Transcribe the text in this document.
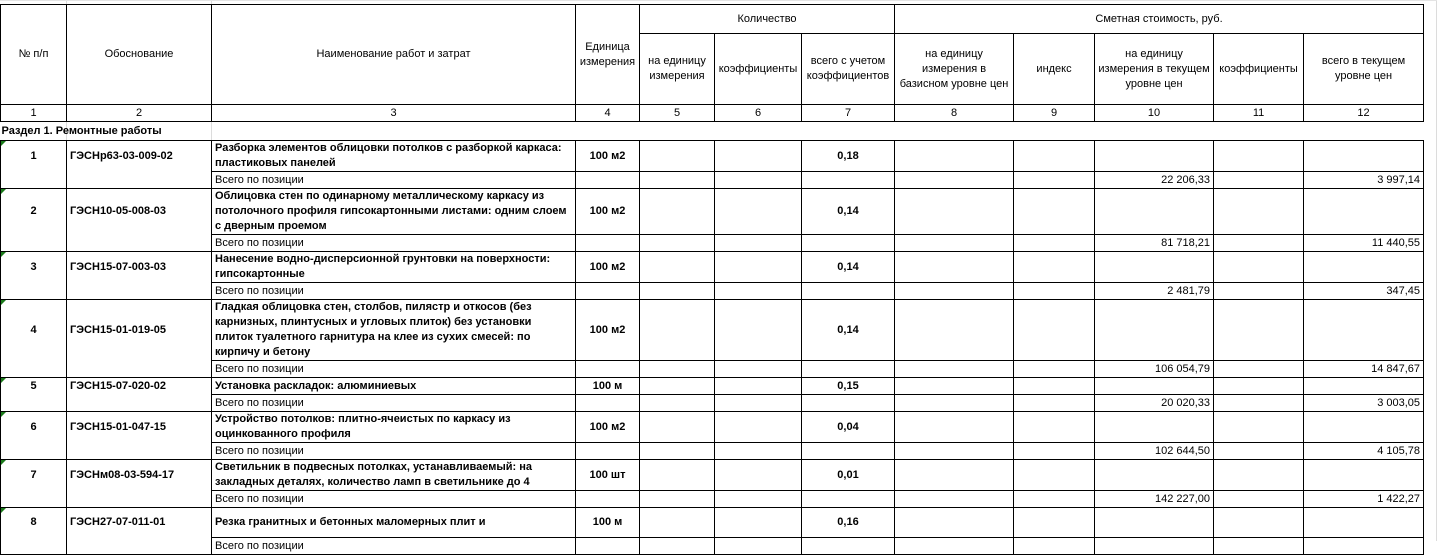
№ п/п	Обоснование	Наименование работ и затрат	Единица измерения	Количество			Сметная стоимость, руб.				
				на единицу измерения	коэффициенты	всего с учетом коэффициентов	на единицу измерения в базисном уровне цен	индекс	на единицу измерения в текущем уровне цен	коэффициенты	всего в текущем уровне цен
1	2	3	4	5	6	7	8	9	10	11	12
Раздел 1. Ремонтные работы											
1	ГЭСНр63-03-009-02	Разборка элементов облицовки потолков с разборкой каркаса: пластиковых панелей	100 м2			0,18					
		Всего по позиции							22 206,33		3 997,14
2	ГЭСН10-05-008-03	Облицовка стен по одинарному металлическому каркасу из потолочного профиля гипсокартонными листами: одним слоем с дверным проемом	100 м2			0,14					
		Всего по позиции							81 718,21		11 440,55
3	ГЭСН15-07-003-03	Нанесение водно-дисперсионной грунтовки на поверхности: гипсокартонные	100 м2			0,14					
		Всего по позиции							2 481,79		347,45
4	ГЭСН15-01-019-05	Гладкая облицовка стен, столбов, пилястр и откосов (без карнизных, плинтусных и угловых плиток) без установки плиток туалетного гарнитура на клее из сухих смесей: по кирпичу и бетону	100 м2			0,14					
		Всего по позиции							106 054,79		14 847,67
5	ГЭСН15-07-020-02	Установка раскладок: алюминиевых	100 м			0,15					
		Всего по позиции							20 020,33		3 003,05
6	ГЭСН15-01-047-15	Устройство потолков: плитно-ячеистых по каркасу из оцинкованного профиля	100 м2			0,04					
		Всего по позиции							102 644,50		4 105,78
7	ГЭСНм08-03-594-17	Светильник в подвесных потолках, устанавливаемый: на закладных деталях, количество ламп в светильнике до 4	100 шт			0,01					
		Всего по позиции							142 227,00		1 422,27
8	ГЭСН27-07-011-01	Резка гранитных и бетонных маломерных плит и	100 м			0,16					
		Всего по позиции									
